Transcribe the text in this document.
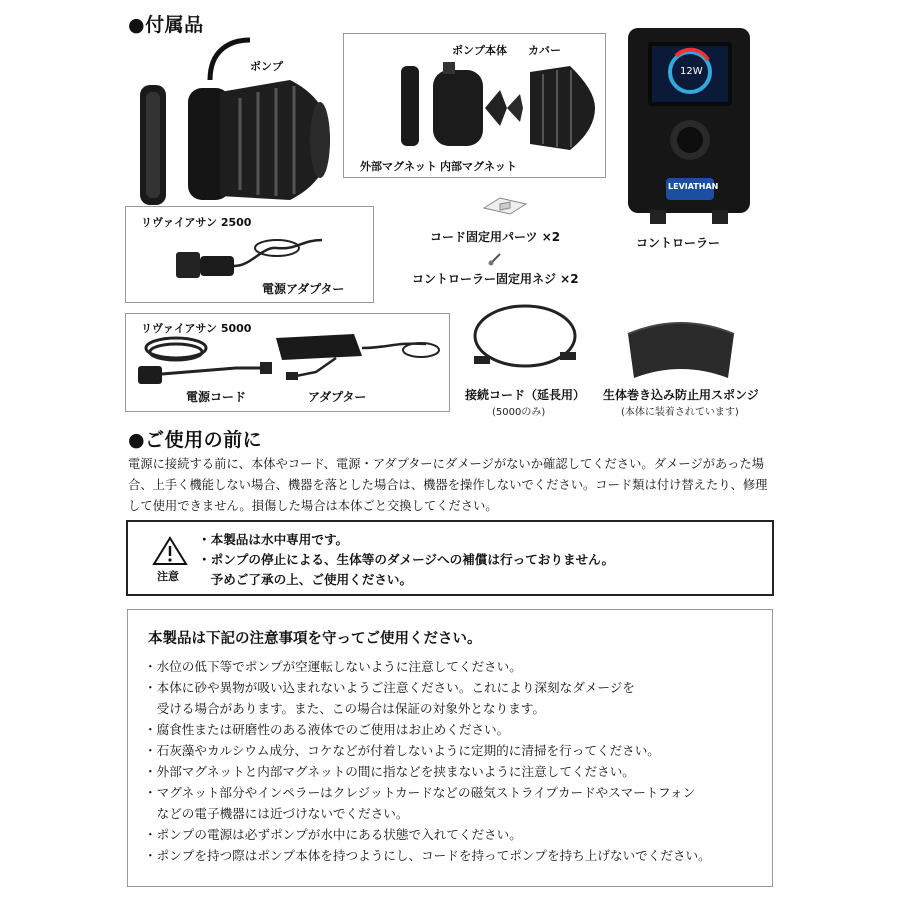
●付属品
ポンプ
ポンプ本体 カバー
外部マグネット 内部マグネット
12W
LEVIATHAN
コントローラー
コード固定用パーツ ×2
コントローラー固定用ネジ ×2
リヴァイアサン 2500
電源アダプター
リヴァイアサン 5000
電源コード	アダプター	接続コード（延長用）
(5000のみ)
生体巻き込み防止用スポンジ
(本体に装着されています)
●ご使用の前に
電源に接続する前に、本体やコード、電源・アダプターにダメージがないか確認してください。ダメージがあった場
合、上手く機能しない場合、機器を落とした場合は、機器を操作しないでください。コード類は付け替えたり、修理
して使用できません。損傷した場合は本体ごと交換してください。
注意
・本製品は水中専用です。
・ポンプの停止による、生体等のダメージへの補償は行っておりません。
　予めご了承の上、ご使用ください。
本製品は下記の注意事項を守ってご使用ください。
・水位の低下等でポンプが空運転しないように注意してください。
・本体に砂や異物が吸い込まれないようご注意ください。これにより深刻なダメージを
　受ける場合があります。また、この場合は保証の対象外となります。
・腐食性または研磨性のある液体でのご使用はお止めください。
・石灰藻やカルシウム成分、コケなどが付着しないように定期的に清掃を行ってください。
・外部マグネットと内部マグネットの間に指などを挟まないように注意してください。
・マグネット部分やインペラーはクレジットカードなどの磁気ストライプカードやスマートフォン
　などの電子機器には近づけないでください。
・ポンプの電源は必ずポンプが水中にある状態で入れてください。
・ポンプを持つ際はポンプ本体を持つようにし、コードを持ってポンプを持ち上げないでください。
